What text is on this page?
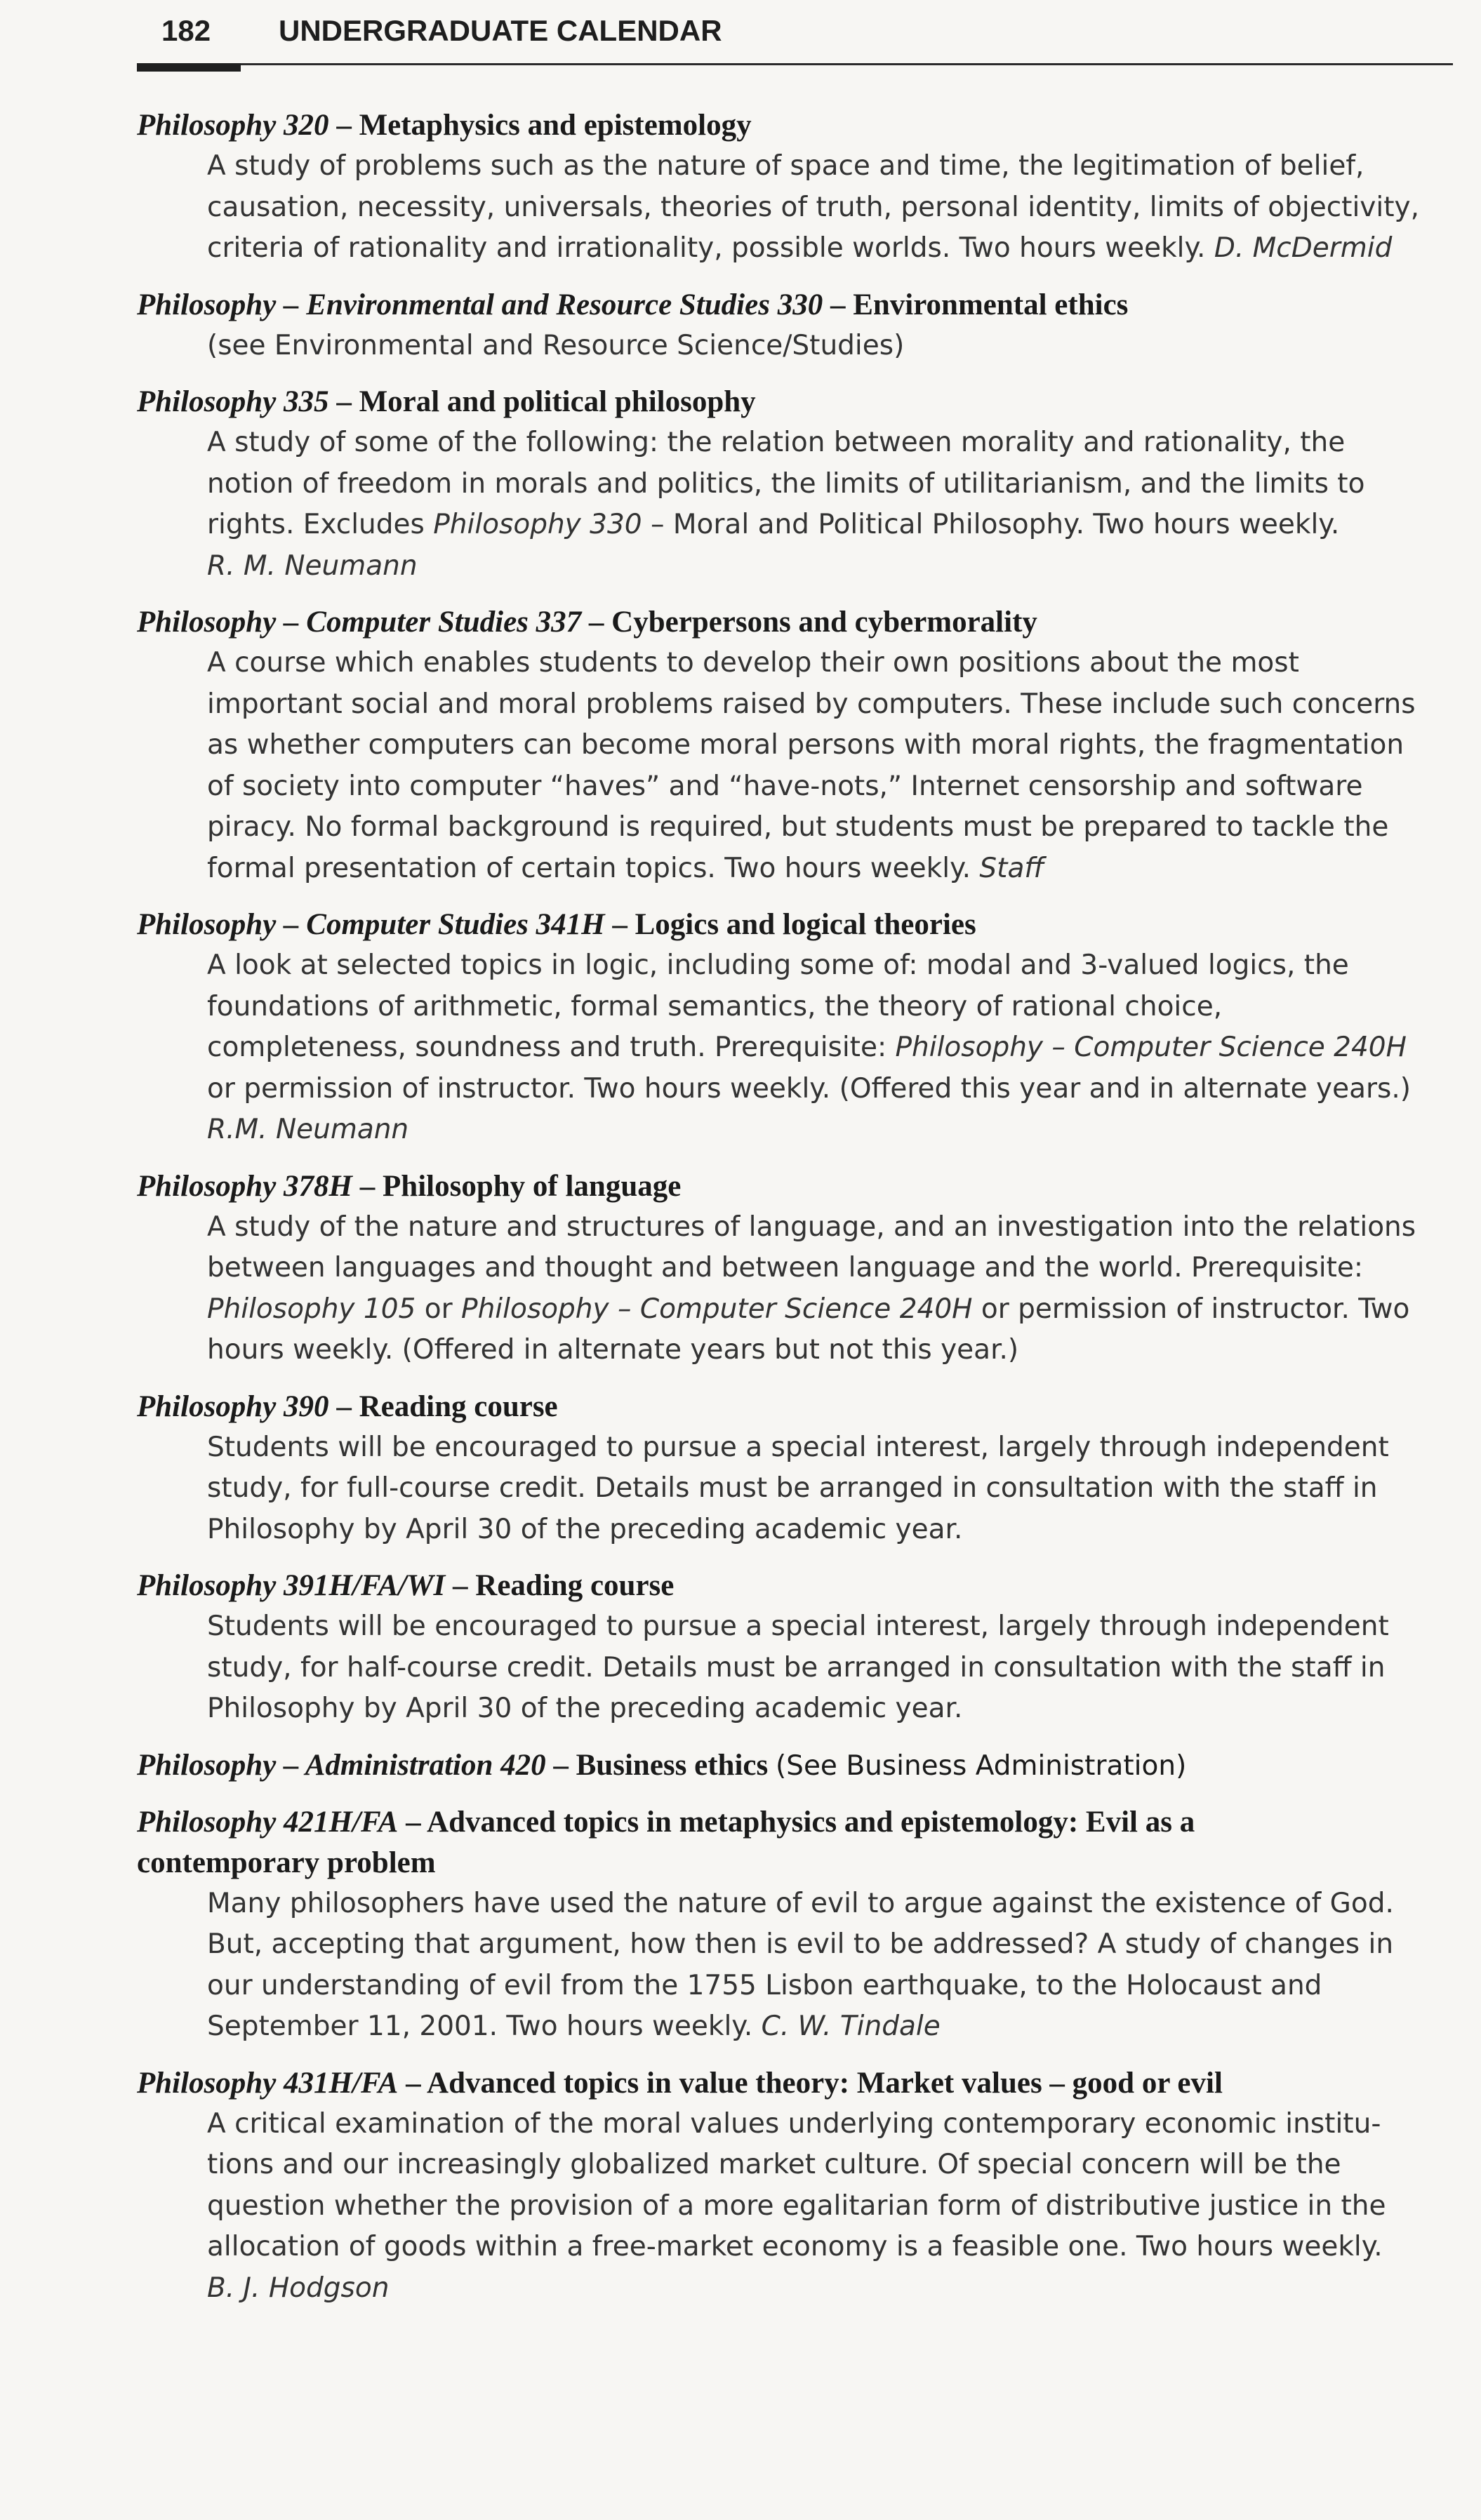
182 UNDERGRADUATE CALENDAR
Philosophy 320 – Metaphysics and epistemology
A study of problems such as the nature of space and time, the legitimation of belief,
causation, necessity, universals, theories of truth, personal identity, limits of objectivity,
criteria of rationality and irrationality, possible worlds. Two hours weekly. D. McDermid
Philosophy – Environmental and Resource Studies 330 – Environmental ethics
(see Environmental and Resource Science/Studies)
Philosophy 335 – Moral and political philosophy
A study of some of the following: the relation between morality and rationality, the
notion of freedom in morals and politics, the limits of utilitarianism, and the limits to
rights. Excludes Philosophy 330 – Moral and Political Philosophy. Two hours weekly.
R. M. Neumann
Philosophy – Computer Studies 337 – Cyberpersons and cybermorality
A course which enables students to develop their own positions about the most
important social and moral problems raised by computers. These include such concerns
as whether computers can become moral persons with moral rights, the fragmentation
of society into computer “haves” and “have-nots,” Internet censorship and software
piracy. No formal background is required, but students must be prepared to tackle the
formal presentation of certain topics. Two hours weekly. Staff
Philosophy – Computer Studies 341H – Logics and logical theories
A look at selected topics in logic, including some of: modal and 3-valued logics, the
foundations of arithmetic, formal semantics, the theory of rational choice,
completeness, soundness and truth. Prerequisite: Philosophy – Computer Science 240H
or permission of instructor. Two hours weekly. (Offered this year and in alternate years.)
R.M. Neumann
Philosophy 378H – Philosophy of language
A study of the nature and structures of language, and an investigation into the relations
between languages and thought and between language and the world. Prerequisite:
Philosophy 105 or Philosophy – Computer Science 240H or permission of instructor. Two
hours weekly. (Offered in alternate years but not this year.)
Philosophy 390 – Reading course
Students will be encouraged to pursue a special interest, largely through independent
study, for full-course credit. Details must be arranged in consultation with the staff in
Philosophy by April 30 of the preceding academic year.
Philosophy 391H/FA/WI – Reading course
Students will be encouraged to pursue a special interest, largely through independent
study, for half-course credit. Details must be arranged in consultation with the staff in
Philosophy by April 30 of the preceding academic year.
Philosophy – Administration 420 – Business ethics (See Business Administration)
Philosophy 421H/FA – Advanced topics in metaphysics and epistemology: Evil as a
contemporary problem
Many philosophers have used the nature of evil to argue against the existence of God.
But, accepting that argument, how then is evil to be addressed? A study of changes in
our understanding of evil from the 1755 Lisbon earthquake, to the Holocaust and
September 11, 2001. Two hours weekly. C. W. Tindale
Philosophy 431H/FA – Advanced topics in value theory: Market values – good or evil
A critical examination of the moral values underlying contemporary economic institu-
tions and our increasingly globalized market culture. Of special concern will be the
question whether the provision of a more egalitarian form of distributive justice in the
allocation of goods within a free-market economy is a feasible one. Two hours weekly.
B. J. Hodgson
